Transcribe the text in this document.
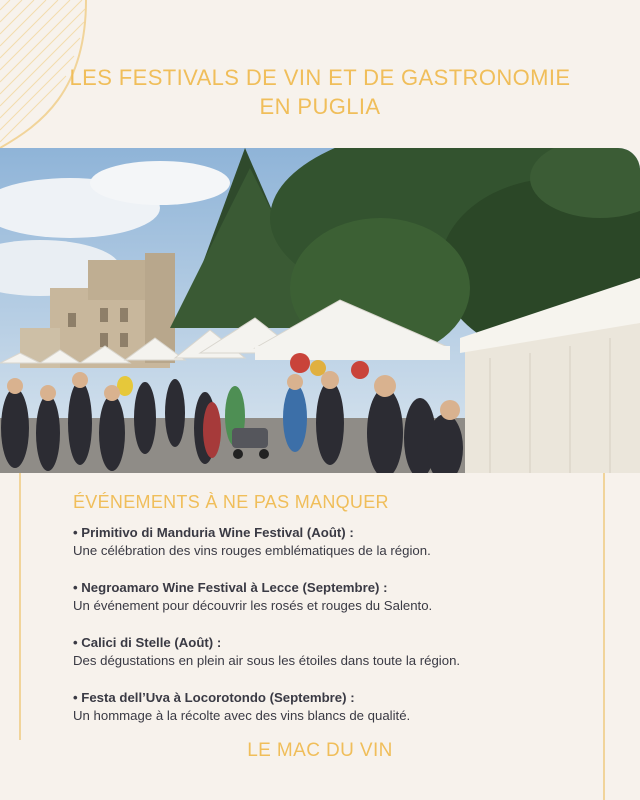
LES FESTIVALS DE VIN ET DE GASTRONOMIE
EN PUGLIA
ÉVÉNEMENTS À NE PAS MANQUER
• Primitivo di Manduria Wine Festival (Août) :
Une célébration des vins rouges emblématiques de la région.
• Negroamaro Wine Festival à Lecce (Septembre) :
Un événement pour découvrir les rosés et rouges du Salento.
• Calici di Stelle (Août) :
Des dégustations en plein air sous les étoiles dans toute la région.
• Festa dell’Uva à Locorotondo (Septembre) :
Un hommage à la récolte avec des vins blancs de qualité.
LE MAC DU VIN
